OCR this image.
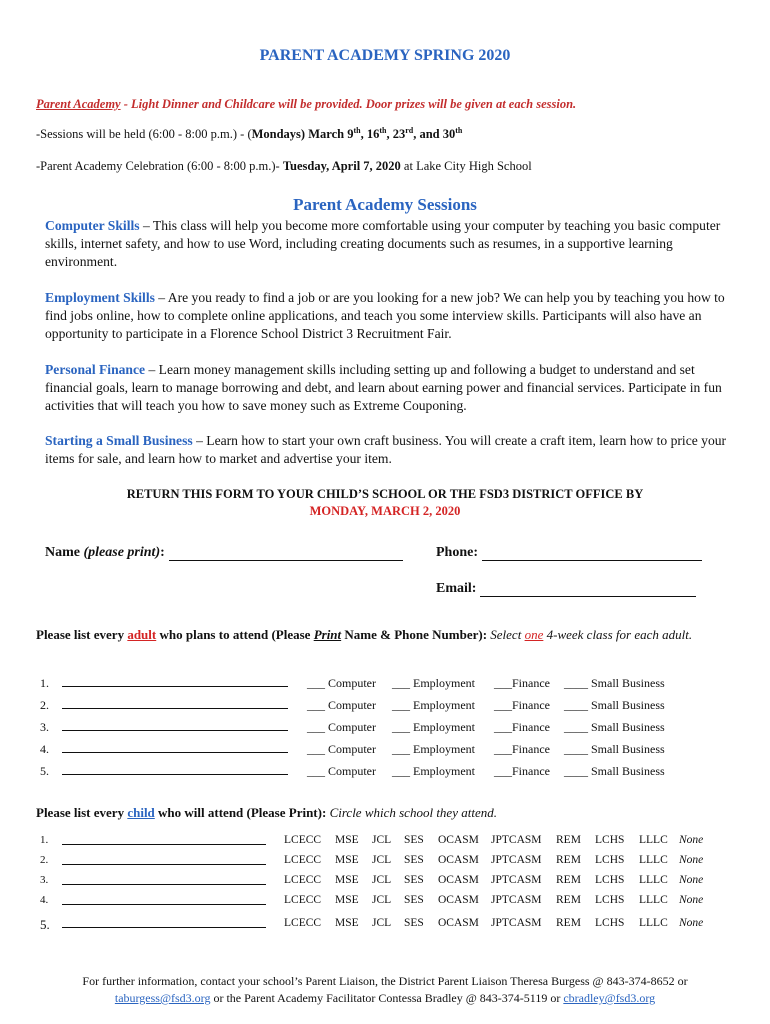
PARENT ACADEMY SPRING 2020
Parent Academy - Light Dinner and Childcare will be provided. Door prizes will be given at each session.
-Sessions will be held (6:00 - 8:00 p.m.) - (Mondays) March 9th, 16th, 23rd, and 30th
-Parent Academy Celebration (6:00 - 8:00 p.m.)- Tuesday, April 7, 2020 at Lake City High School
Parent Academy Sessions
Computer Skills – This class will help you become more comfortable using your computer by teaching you basic computer skills, internet safety, and how to use Word, including creating documents such as resumes, in a supportive learning environment.
Employment Skills – Are you ready to find a job or are you looking for a new job? We can help you by teaching you how to find jobs online, how to complete online applications, and teach you some interview skills. Participants will also have an opportunity to participate in a Florence School District 3 Recruitment Fair.
Personal Finance – Learn money management skills including setting up and following a budget to understand and set financial goals, learn to manage borrowing and debt, and learn about earning power and financial services. Participate in fun activities that will teach you how to save money such as Extreme Couponing.
Starting a Small Business – Learn how to start your own craft business. You will create a craft item, learn how to price your items for sale, and learn how to market and advertise your item.
RETURN THIS FORM TO YOUR CHILD’S SCHOOL OR THE FSD3 DISTRICT OFFICE BY
MONDAY, MARCH 2, 2020
Name (please print):	Phone:
Email:
Please list every adult who plans to attend (Please Print Name & Phone Number): Select one 4-week class for each adult.
1.	___ Computer ___ Employment ___Finance ____ Small Business
2.	___ Computer ___ Employment ___Finance ____ Small Business
3.	___ Computer ___ Employment ___Finance ____ Small Business
4.	___ Computer ___ Employment ___Finance ____ Small Business
5.	___ Computer ___ Employment ___Finance ____ Small Business
Please list every child who will attend (Please Print): Circle which school they attend.
1.	LCECC MSE JCL SES OCASM JPTCASM REM LCHS LLLC None
2.	LCECC MSE JCL SES OCASM JPTCASM REM LCHS LLLC None
3.	LCECC MSE JCL SES OCASM JPTCASM REM LCHS LLLC None
4.	LCECC MSE JCL SES OCASM JPTCASM REM LCHS LLLC None
5.	LCECC MSE JCL SES OCASM JPTCASM REM LCHS LLLC None
For further information, contact your school’s Parent Liaison, the District Parent Liaison Theresa Burgess @ 843-374-8652 or
taburgess@fsd3.org or the Parent Academy Facilitator Contessa Bradley @ 843-374-5119 or cbradley@fsd3.org
